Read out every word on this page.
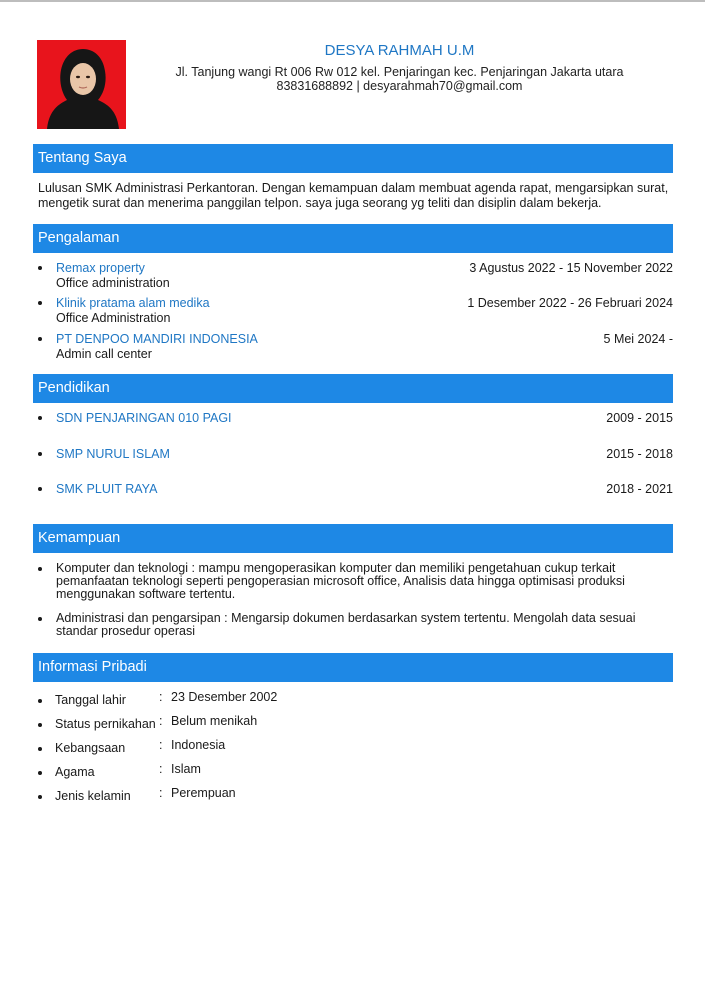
DESYA RAHMAH U.M
Jl. Tanjung wangi Rt 006 Rw 012 kel. Penjaringan kec. Penjaringan Jakarta utara
83831688892 | desyarahmah70@gmail.com
Tentang Saya
Lulusan SMK Administrasi Perkantoran. Dengan kemampuan dalam membuat agenda rapat, mengarsipkan surat,
mengetik surat dan menerima panggilan telpon. saya juga seorang yg teliti dan disiplin dalam bekerja.
Pengalaman
Remax property
Office administration
3 Agustus 2022 - 15 November 2022
Klinik pratama alam medika
Office Administration
1 Desember 2022 - 26 Februari 2024
PT DENPOO MANDIRI INDONESIA
Admin call center
5 Mei 2024 -
Pendidikan
SDN PENJARINGAN 010 PAGI	2009 - 2015
SMP NURUL ISLAM	2015 - 2018
SMK PLUIT RAYA	2018 - 2021
Kemampuan
Komputer dan teknologi : mampu mengoperasikan komputer dan memiliki pengetahuan cukup terkait
pemanfaatan teknologi seperti pengoperasian microsoft office, Analisis data hingga optimisasi produksi
menggunakan software tertentu.
Administrasi dan pengarsipan : Mengarsip dokumen berdasarkan system tertentu. Mengolah data sesuai
standar prosedur operasi
Informasi Pribadi
Tanggal lahir	: 23 Desember 2002
Status pernikahan : Belum menikah
Kebangsaan	: Indonesia
Agama	: Islam
Jenis kelamin : Perempuan
